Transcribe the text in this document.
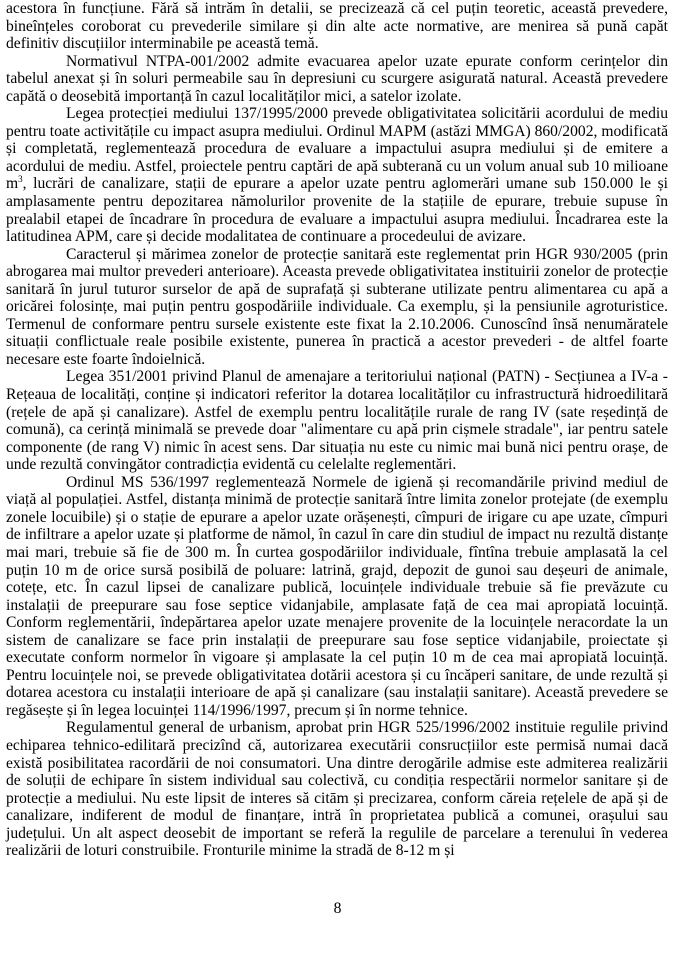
acestora în funcțiune. Fără să intrăm în detalii, se precizează că cel puțin teoretic, această prevedere, bineînțeles coroborat cu prevederile similare și din alte acte normative, are menirea să pună capăt definitiv discuțiilor interminabile pe această temă.

Normativul NTPA-001/2002 admite evacuarea apelor uzate epurate conform cerințelor din tabelul anexat și în soluri permeabile sau în depresiuni cu scurgere asigurată natural. Această prevedere capătă o deosebită importanță în cazul localităților mici, a satelor izolate.

Legea protecției mediului 137/1995/2000 prevede obligativitatea solicitării acordului de mediu pentru toate activitățile cu impact asupra mediului. Ordinul MAPM (astăzi MMGA) 860/2002, modificată și completată, reglementează procedura de evaluare a impactului asupra mediului și de emitere a acordului de mediu. Astfel, proiectele pentru captări de apă subterană cu un volum anual sub 10 milioane $m^3$, lucrări de canalizare, stații de epurare a apelor uzate pentru aglomerări umane sub 150.000 le și amplasamente pentru depozitarea nămolurilor provenite de la stațiile de epurare, trebuie supuse în prealabil etapei de încadrare în procedura de evaluare a impactului asupra mediului. Încadrarea este la latitudinea APM, care și decide modalitatea de continuare a procedeului de avizare.

Caracterul și mărimea zonelor de protecție sanitară este reglementat prin HGR 930/2005 (prin abrogarea mai multor prevederi anterioare). Aceasta prevede obligativitatea instituirii zonelor de protecție sanitară în jurul tuturor surselor de apă de suprafață și subterane utilizate pentru alimentarea cu apă a oricărei folosințe, mai puțin pentru gospodăriile individuale. Ca exemplu, și la pensiunile agroturistice. Termenul de conformare pentru sursele existente este fixat la 2.10.2006. Cunoscînd însă nenumăratele situații conflictuale reale posibile existente, punerea în practică a acestor prevederi - de altfel foarte necesare este foarte îndoielnică.

Legea 351/2001 privind Planul de amenajare a teritoriului național (PATN) - Secțiunea a IV-a - Rețeaua de localități, conține și indicatori referitor la dotarea localităților cu infrastructură hidroedilitară (rețele de apă și canalizare). Astfel de exemplu pentru localitățile rurale de rang IV (sate reședință de comună), ca cerință minimală se prevede doar "alimentare cu apă prin cișmele stradale", iar pentru satele componente (de rang V) nimic în acest sens. Dar situația nu este cu nimic mai bună nici pentru orașe, de unde rezultă convingător contradicția evidentă cu celelalte reglementări.

Ordinul MS 536/1997 reglementează Normele de igienă și recomandările privind mediul de viață al populației. Astfel, distanța minimă de protecție sanitară între limita zonelor protejate (de exemplu zonele locuibile) și o stație de epurare a apelor uzate orășenești, cîmpuri de irigare cu ape uzate, cîmpuri de infiltrare a apelor uzate și platforme de nămol, în cazul în care din studiul de impact nu rezultă distanțe mai mari, trebuie să fie de 300 m. În curtea gospodăriilor individuale, fîntîna trebuie amplasată la cel puțin 10 m de orice sursă posibilă de poluare: latrină, grajd, depozit de gunoi sau deșeuri de animale, cotețe, etc. În cazul lipsei de canalizare publică, locuințele individuale trebuie să fie prevăzute cu instalații de preepurare sau fose septice vidanjabile, amplasate față de cea mai apropiată locuință. Conform reglementării, îndepărtarea apelor uzate menajere provenite de la locuințele neracordate la un sistem de canalizare se face prin instalații de preepurare sau fose septice vidanjabile, proiectate și executate conform normelor în vigoare și amplasate la cel puțin 10 m de cea mai apropiată locuință. Pentru locuințele noi, se prevede obligativitatea dotării acestora și cu încăperi sanitare, de unde rezultă și dotarea acestora cu instalații interioare de apă și canalizare (sau instalații sanitare). Această prevedere se regăsește și în legea locuinței 114/1996/1997, precum și în norme tehnice.

Regulamentul general de urbanism, aprobat prin HGR 525/1996/2002 instituie regulile privind echiparea tehnico-edilitară precizînd că, autorizarea executării consrucțiilor este permisă numai dacă există posibilitatea racordării de noi consumatori. Una dintre derogările admise este admiterea realizării de soluții de echipare în sistem individual sau colectivă, cu condiția respectării normelor sanitare și de protecție a mediului. Nu este lipsit de interes să citām și precizarea, conform căreia rețelele de apă și de canalizare, indiferent de modul de finanțare, intră în proprietatea publică a comunei, orașului sau județului. Un alt aspect deosebit de important se referă la regulile de parcelare a terenului în vederea realizării de loturi construibile. Fronturile minime la stradă de 8-12 m și

8
